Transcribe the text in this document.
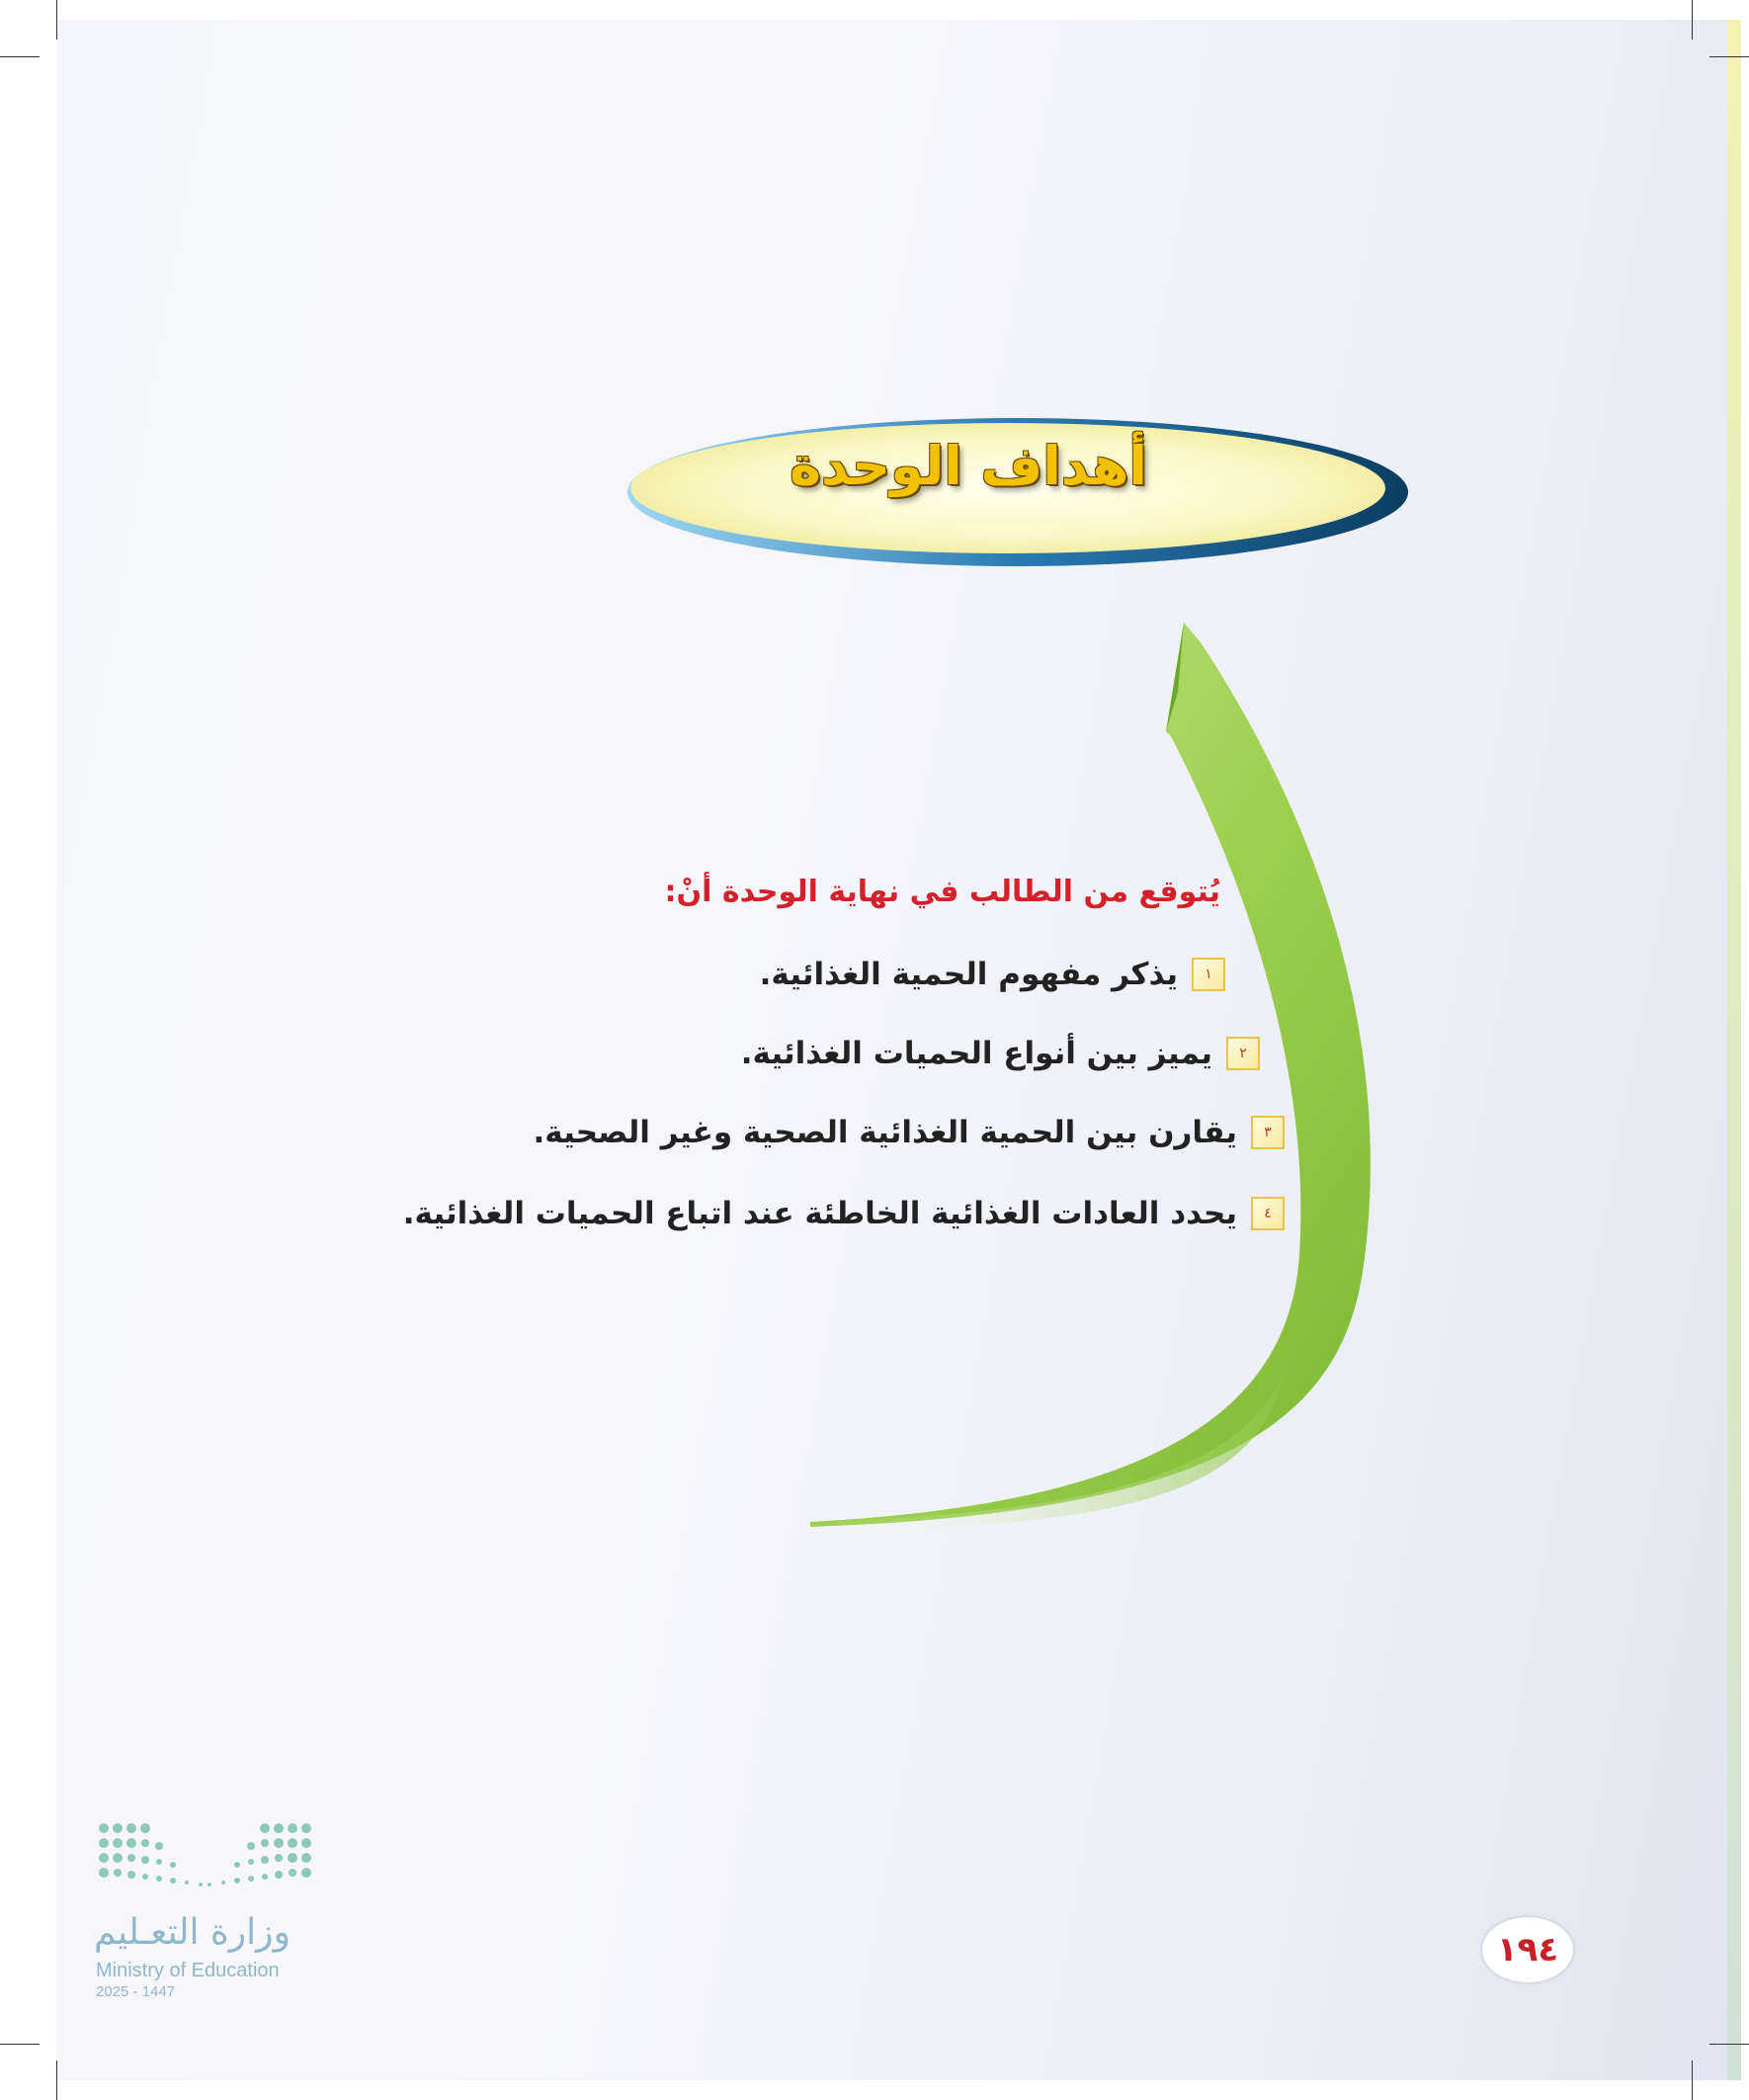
أهداف الوحدة
يُتوقع من الطالب في نهاية الوحدة أنْ:
١
يذكر مفهوم الحمية الغذائية.
٢
يميز بين أنواع الحميات الغذائية.
٣
يقارن بين الحمية الغذائية الصحية وغير الصحية.
٤
يحدد العادات الغذائية الخاطئة عند اتباع الحميات الغذائية.
وزارة التعـليم
Ministry of Education
2025 - 1447
١٩٤
